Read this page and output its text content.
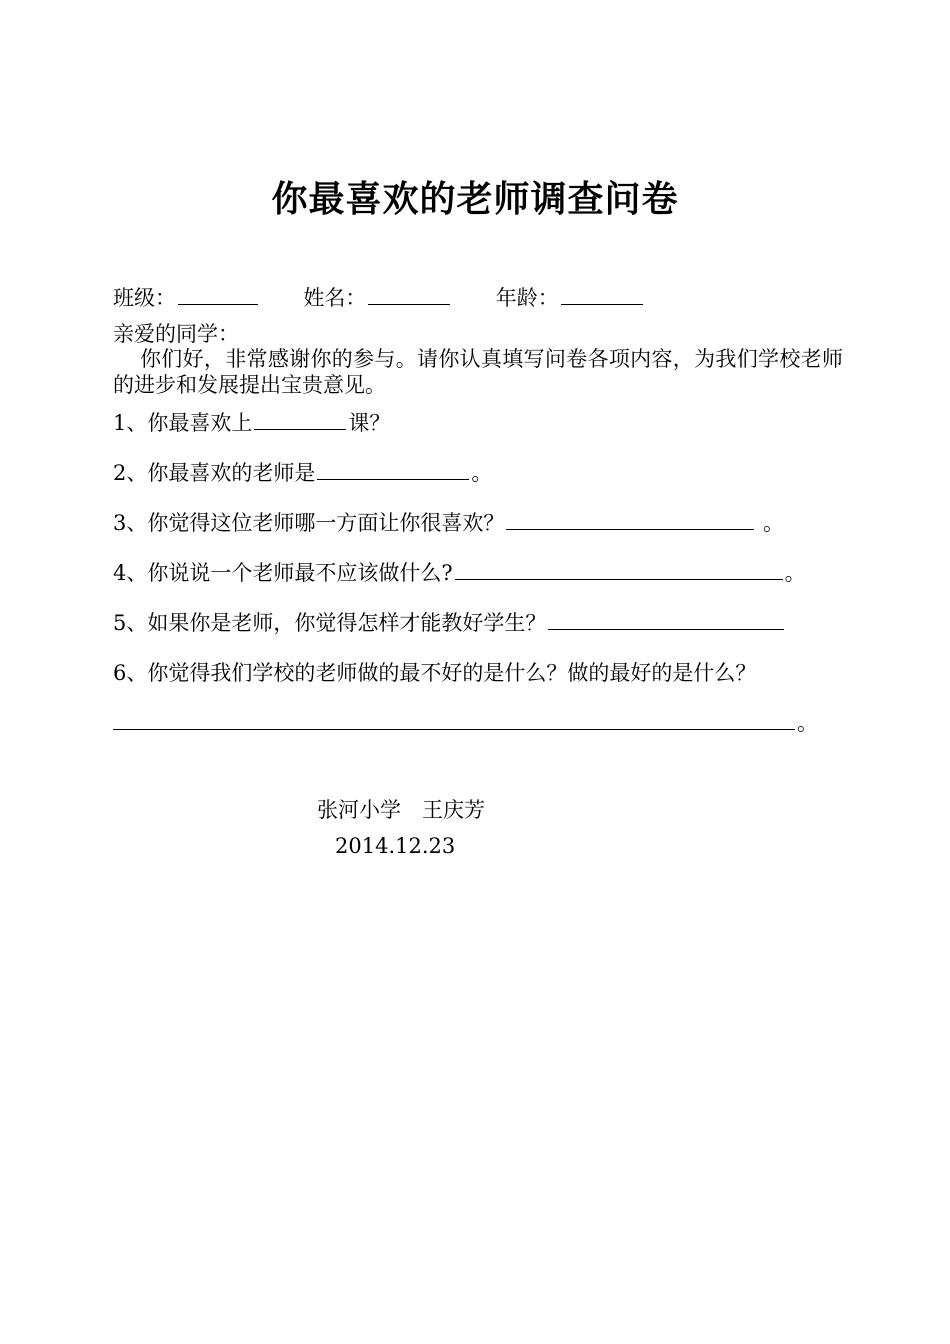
你最喜欢的老师调查问卷
班级：	姓名：	年龄：
亲爱的同学：
你们好，非常感谢你的参与。请你认真填写问卷各项内容，为我们学校老师的进步和发展提出宝贵意见。
1、你最喜欢上	课？
2、你最喜欢的老师是	。
3、你觉得这位老师哪一方面让你很喜欢？	。
4、你说说一个老师最不应该做什么?	。
5、如果你是老师，你觉得怎样才能教好学生？
6、你觉得我们学校的老师做的最不好的是什么？做的最好的是什么？
。
张河小学　王庆芳
2014.12.23
